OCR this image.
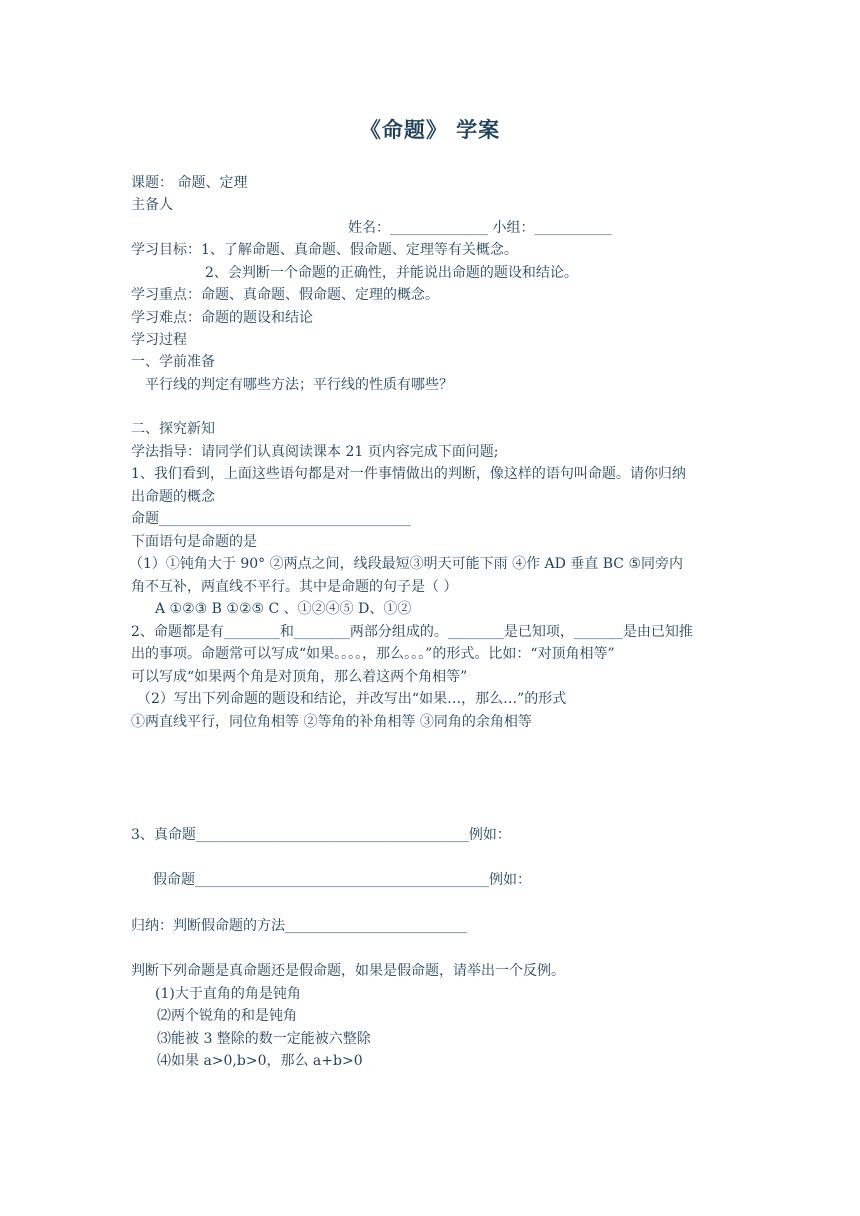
《命题》 学案
课题： 命题、定理
主备人
姓名：______________ 小组：___________
学习目标：1、了解命题、真命题、假命题、定理等有关概念。
2、会判断一个命题的正确性，并能说出命题的题设和结论。
学习重点：命题、真命题、假命题、定理的概念。
学习难点：命题的题设和结论
学习过程
一、学前准备
平行线的判定有哪些方法；平行线的性质有哪些？
二、探究新知
学法指导：请同学们认真阅读课本 21 页内容完成下面问题;
1、我们看到，上面这些语句都是对一件事情做出的判断，像这样的语句叫命题。请你归纳
出命题的概念
命题____________________________________
下面语句是命题的是
（1）①钝角大于 90° ②两点之间，线段最短③明天可能下雨 ④作 AD 垂直 BC ⑤同旁内
角不互补，两直线不平行。其中是命题的句子是（ ）
A ①②③ B ①②⑤ C 、①②④⑤ D、①②
2、命题都是有________和________两部分组成的。________是已知项，_______是由已知推
出的事项。命题常可以写成“如果。。。。，那么。。。”的形式。比如：“对顶角相等”
可以写成“如果两个角是对顶角，那么着这两个角相等”
（2）写出下列命题的题设和结论，并改写出“如果…，那么…”的形式
①两直线平行，同位角相等 ②等角的补角相等 ③同角的余角相等
3、真命题_______________________________________例如：
假命题__________________________________________例如：
归纳：判断假命题的方法__________________________
判断下列命题是真命题还是假命题，如果是假命题，请举出一个反例。
(1)大于直角的角是钝角
⑵两个锐角的和是钝角
⑶能被 3 整除的数一定能被六整除
⑷如果 a>0,b>0，那么 a+b>0
